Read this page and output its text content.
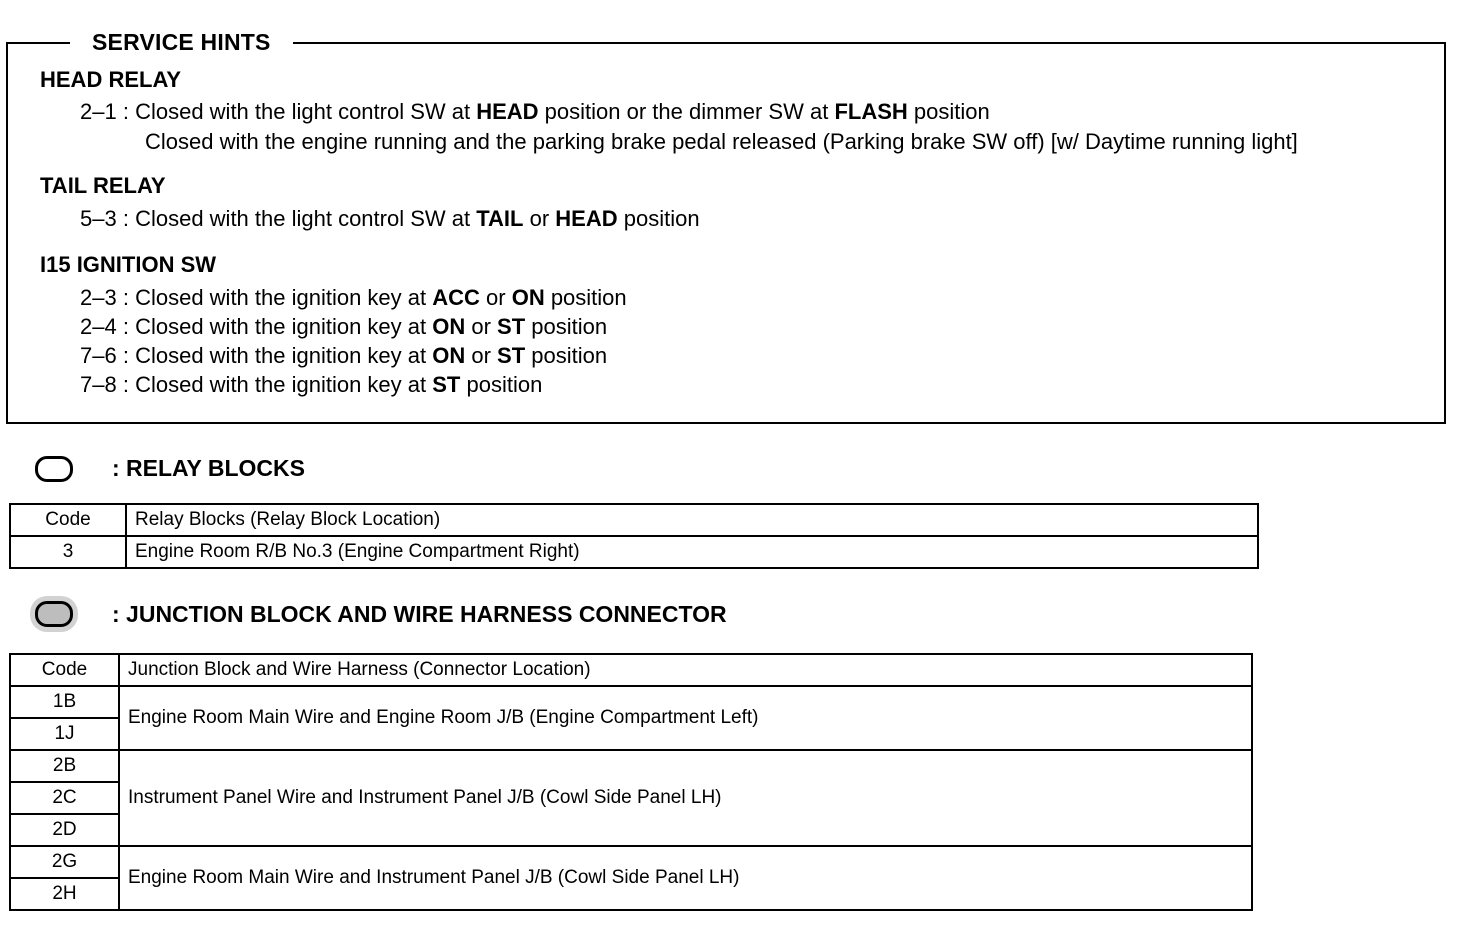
SERVICE HINTS
HEAD RELAY
2–1 : Closed with the light control SW at HEAD position or the dimmer SW at FLASH position
Closed with the engine running and the parking brake pedal released (Parking brake SW off) [w/ Daytime running light]
TAIL RELAY
5–3 : Closed with the light control SW at TAIL or HEAD position
I15 IGNITION SW
2–3 : Closed with the ignition key at ACC or ON position
2–4 : Closed with the ignition key at ON or ST position
7–6 : Closed with the ignition key at ON or ST position
7–8 : Closed with the ignition key at ST position
: RELAY BLOCKS
Code	Relay Blocks (Relay Block Location)
3	Engine Room R/B No.3 (Engine Compartment Right)
: JUNCTION BLOCK AND WIRE HARNESS CONNECTOR
Code	Junction Block and Wire Harness (Connector Location)
1B	Engine Room Main Wire and Engine Room J/B (Engine Compartment Left)
1J	
2B	Instrument Panel Wire and Instrument Panel J/B (Cowl Side Panel LH)
2C	
2D	
2G	Engine Room Main Wire and Instrument Panel J/B (Cowl Side Panel LH)
2H	
